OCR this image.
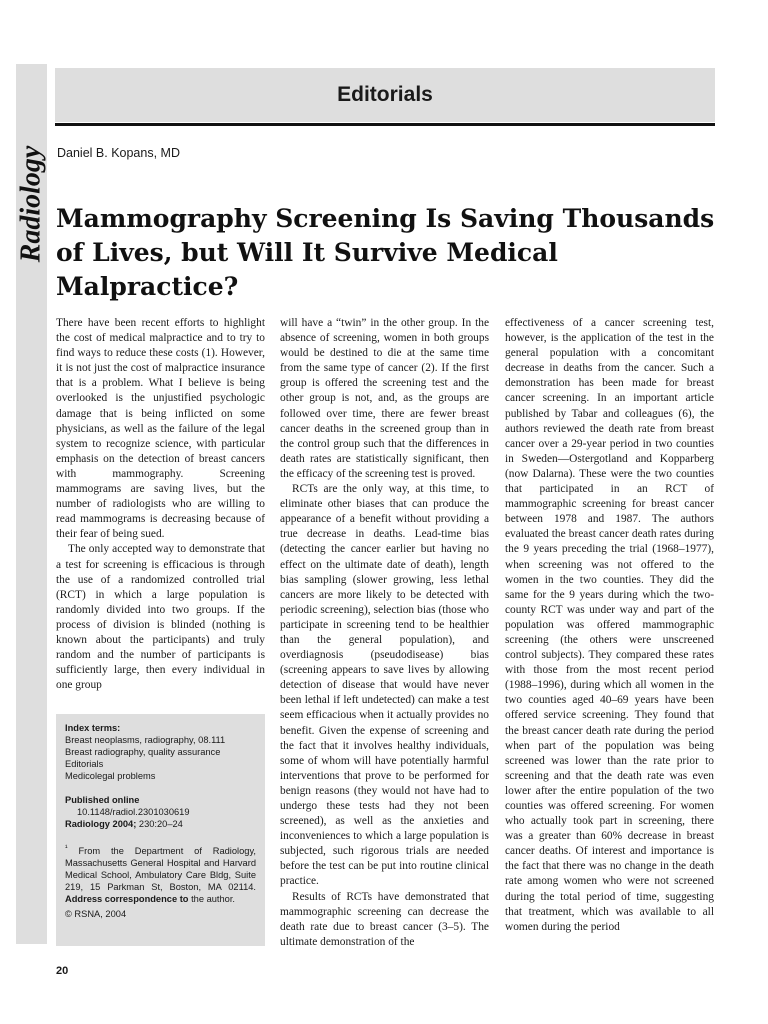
Radiology
Editorials
Daniel B. Kopans, MD
Mammography Screening Is Saving Thousands of Lives, but Will It Survive Medical Malpractice?

There have been recent efforts to highlight the cost of medical malpractice and to try to find ways to reduce these costs (1). However, it is not just the cost of malpractice insurance that is a problem. What I believe is being overlooked is the unjustified psychologic damage that is being inflicted on some physicians, as well as the failure of the legal system to recognize science, with particular emphasis on the detection of breast cancers with mammography. Screening mammograms are saving lives, but the number of radiologists who are willing to read mammograms is decreasing because of their fear of being sued.

The only accepted way to demonstrate that a test for screening is efficacious is through the use of a randomized controlled trial (RCT) in which a large population is randomly divided into two groups. If the process of division is blinded (nothing is known about the participants) and truly random and the number of participants is sufficiently large, then every individual in one group

Index terms:
Breast neoplasms, radiography, 08.111
Breast radiography, quality assurance
Editorials
Medicolegal problems
Published online
10.1148/radiol.2301030619
Radiology 2004; 230:20–24
$^{^1}$ From the Department of Radiology, Massachusetts General Hospital and Harvard Medical School, Ambulatory Care Bldg, Suite 219, 15 Parkman St, Boston, MA 02114. Address correspondence to the author.
© RSNA, 2004

will have a “twin” in the other group. In the absence of screening, women in both groups would be destined to die at the same time from the same type of cancer (2). If the first group is offered the screening test and the other group is not, and, as the groups are followed over time, there are fewer breast cancer deaths in the screened group than in the control group such that the differences in death rates are statistically significant, then the efficacy of the screening test is proved.

RCTs are the only way, at this time, to eliminate other biases that can produce the appearance of a benefit without providing a true decrease in deaths. Lead-time bias (detecting the cancer earlier but having no effect on the ultimate date of death), length bias sampling (slower growing, less lethal cancers are more likely to be detected with periodic screening), selection bias (those who participate in screening tend to be healthier than the general population), and overdiagnosis (pseudodisease) bias (screening appears to save lives by allowing detection of disease that would have never been lethal if left undetected) can make a test seem efficacious when it actually provides no benefit. Given the expense of screening and the fact that it involves healthy individuals, some of whom will have potentially harmful interventions that prove to be performed for benign reasons (they would not have had to undergo these tests had they not been screened), as well as the anxieties and inconveniences to which a large population is subjected, such rigorous trials are needed before the test can be put into routine clinical practice.

Results of RCTs have demonstrated that mammographic screening can decrease the death rate due to breast cancer (3–5). The ultimate demonstration of the

effectiveness of a cancer screening test, however, is the application of the test in the general population with a concomitant decrease in deaths from the cancer. Such a demonstration has been made for breast cancer screening. In an important article published by Tabar and colleagues (6), the authors reviewed the death rate from breast cancer over a 29-year period in two counties in Sweden—Ostergotland and Kopparberg (now Dalarna). These were the two counties that participated in an RCT of mammographic screening for breast cancer between 1978 and 1987. The authors evaluated the breast cancer death rates during the 9 years preceding the trial (1968–1977), when screening was not offered to the women in the two counties. They did the same for the 9 years during which the two-county RCT was under way and part of the population was offered mammographic screening (the others were unscreened control subjects). They compared these rates with those from the most recent period (1988–1996), during which all women in the two counties aged 40–69 years have been offered service screening. They found that the breast cancer death rate during the period when part of the population was being screened was lower than the rate prior to screening and that the death rate was even lower after the entire population of the two counties was offered screening. For women who actually took part in screening, there was a greater than 60% decrease in breast cancer deaths. Of interest and importance is the fact that there was no change in the death rate among women who were not screened during the total period of time, suggesting that treatment, which was available to all women during the period

20
